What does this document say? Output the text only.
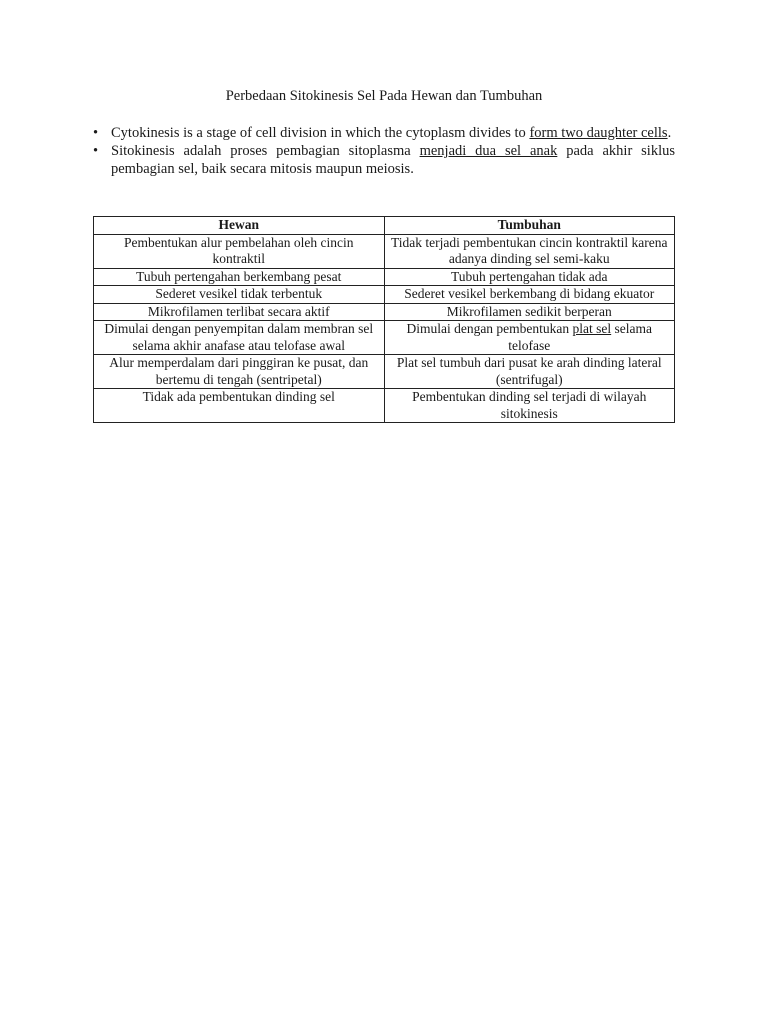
Perbedaan Sitokinesis Sel Pada Hewan dan Tumbuhan
• Cytokinesis is a stage of cell division in which the cytoplasm divides to form two daughter cells.
• Sitokinesis adalah proses pembagian sitoplasma menjadi dua sel anak pada akhir siklus pembagian sel, baik secara mitosis maupun meiosis.
Hewan	Tumbuhan
Pembentukan alur pembelahan oleh cincin kontraktil	Tidak terjadi pembentukan cincin kontraktil karena adanya dinding sel semi-kaku
Tubuh pertengahan berkembang pesat	Tubuh pertengahan tidak ada
Sederet vesikel tidak terbentuk	Sederet vesikel berkembang di bidang ekuator
Mikrofilamen terlibat secara aktif	Mikrofilamen sedikit berperan
Dimulai dengan penyempitan dalam membran sel selama akhir anafase atau telofase awal	Dimulai dengan pembentukan plat sel selama telofase
Alur memperdalam dari pinggiran ke pusat, dan bertemu di tengah (sentripetal)	Plat sel tumbuh dari pusat ke arah dinding lateral (sentrifugal)
Tidak ada pembentukan dinding sel	Pembentukan dinding sel terjadi di wilayah sitokinesis
